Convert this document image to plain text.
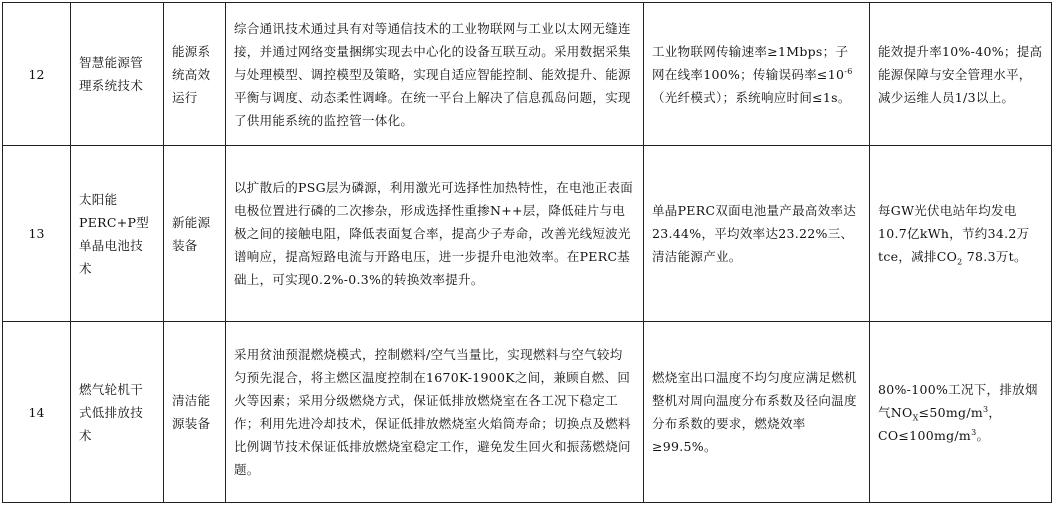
12	智慧能源管理系统技术	能源系统高效运行	综合通讯技术通过具有对等通信技术的工业物联网与工业以太网无缝连接，并通过网络变量捆绑实现去中心化的设备互联互动。采用数据采集与处理模型、调控模型及策略，实现自适应智能控制、能效提升、能源平衡与调度、动态柔性调峰。在统一平台上解决了信息孤岛问题，实现了供用能系统的监控管一体化。	工业物联网传输速率≥1Mbps；子网在线率100%；传输误码率$\le 10^{-6}$（光纤模式）；系统响应时间≤1s。	能效提升率10%-40%；提高能源保障与安全管理水平，减少运维人员1/3以上。

13	太阳能PERC+P型单晶电池技术	新能源装备	以扩散后的PSG层为磷源，利用激光可选择性加热特性，在电池正表面电极位置进行磷的二次掺杂，形成选择性重掺N++层，降低硅片与电极之间的接触电阻，降低表面复合率，提高少子寿命，改善光线短波光谱响应，提高短路电流与开路电压，进一步提升电池效率。在PERC基础上，可实现0.2%-0.3%的转换效率提升。	单晶PERC双面电池量产最高效率达23.44%，平均效率达23.22%三、清洁能源产业。	每GW光伏电站年均发电10.7亿kWh，节约34.2万tce，减排$CO_2$ 78.3万t。

14	燃气轮机干式低排放技术	清洁能源装备	采用贫油预混燃烧模式，控制燃料/空气当量比，实现燃料与空气较均匀预先混合，将主燃区温度控制在1670K-1900K之间，兼顾自燃、回火等因素；采用分级燃烧方式，保证低排放燃烧室在各工况下稳定工作；利用先进冷却技术，保证低排放燃烧室火焰筒寿命；切换点及燃料比例调节技术保证低排放燃烧室稳定工作，避免发生回火和振荡燃烧问题。	燃烧室出口温度不均匀度应满足燃机整机对周向温度分布系数及径向温度分布系数的要求，燃烧效率≥99.5%。	80%-100%工况下，排放烟气$NO_X\le 50mg/m^3$，$CO\le 100mg/m^3$。
